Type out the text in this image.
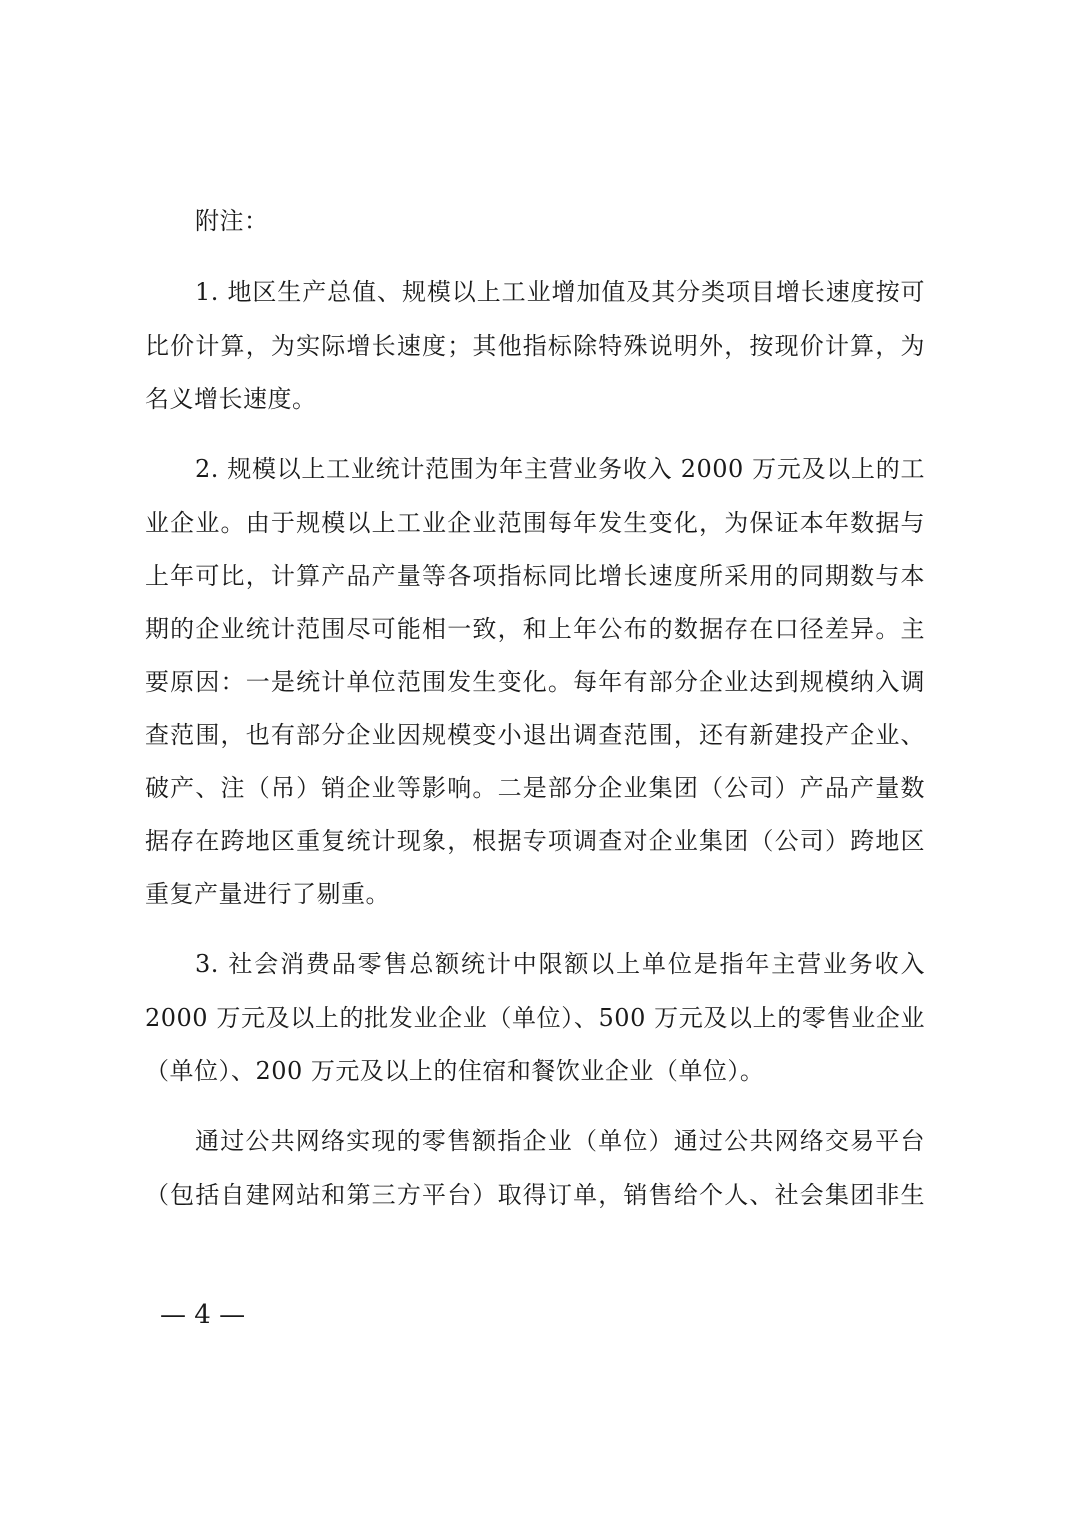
附注：
1. 地区生产总值、规模以上工业增加值及其分类项目增长速度按可
比价计算，为实际增长速度；其他指标除特殊说明外，按现价计算，为
名义增长速度。
2. 规模以上工业统计范围为年主营业务收入 2000 万元及以上的工
业企业。由于规模以上工业企业范围每年发生变化，为保证本年数据与
上年可比，计算产品产量等各项指标同比增长速度所采用的同期数与本
期的企业统计范围尽可能相一致，和上年公布的数据存在口径差异。主
要原因：一是统计单位范围发生变化。每年有部分企业达到规模纳入调
查范围，也有部分企业因规模变小退出调查范围，还有新建投产企业、
破产、注（吊）销企业等影响。二是部分企业集团（公司）产品产量数
据存在跨地区重复统计现象，根据专项调查对企业集团（公司）跨地区
重复产量进行了剔重。
3. 社会消费品零售总额统计中限额以上单位是指年主营业务收入
2000 万元及以上的批发业企业（单位）、500 万元及以上的零售业企业
（单位）、200 万元及以上的住宿和餐饮业企业（单位）。
通过公共网络实现的零售额指企业（单位）通过公共网络交易平台
（包括自建网站和第三方平台）取得订单，销售给个人、社会集团非生
— 4 —
